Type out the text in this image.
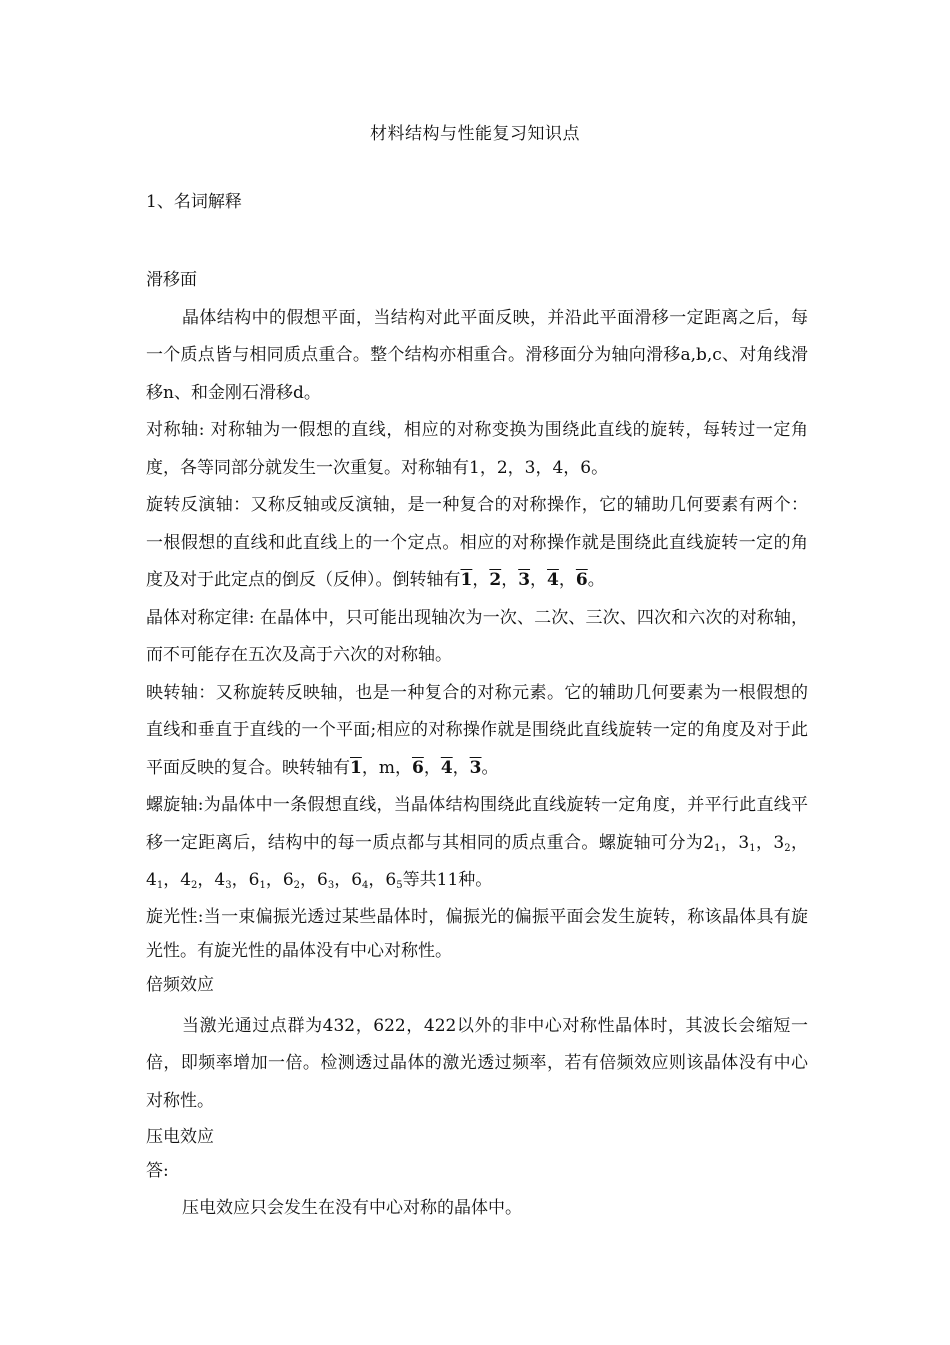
材料结构与性能复习知识点
1、名词解释

滑移面

晶体结构中的假想平面，当结构对此平面反映，并沿此平面滑移一定距离之后，每一个质点皆与相同质点重合。整个结构亦相重合。滑移面分为轴向滑移a,b,c、对角线滑移n、和金刚石滑移d。

对称轴: 对称轴为一假想的直线，相应的对称变换为围绕此直线的旋转，每转过一定角度，各等同部分就发生一次重复。对称轴有1，2，3，4，6。

旋转反演轴：又称反轴或反演轴，是一种复合的对称操作，它的辅助几何要素有两个：一根假想的直线和此直线上的一个定点。相应的对称操作就是围绕此直线旋转一定的角度及对于此定点的倒反（反伸）。倒转轴有1，2，3，4，6。

晶体对称定律: 在晶体中，只可能出现轴次为一次、二次、三次、四次和六次的对称轴，而不可能存在五次及高于六次的对称轴。

映转轴：又称旋转反映轴，也是一种复合的对称元素。它的辅助几何要素为一根假想的直线和垂直于直线的一个平面;相应的对称操作就是围绕此直线旋转一定的角度及对于此平面反映的复合。映转轴有1，m，6，4，3。

螺旋轴:为晶体中一条假想直线，当晶体结构围绕此直线旋转一定角度，并平行此直线平移一定距离后，结构中的每一质点都与其相同的质点重合。螺旋轴可分为$2_1$，$3_1$，$3_2$，$4_1$，$4_2$，$4_3$，$6_1$，$6_2$，$6_3$，$6_4$，$6_5$等共11种。

旋光性:当一束偏振光透过某些晶体时，偏振光的偏振平面会发生旋转，称该晶体具有旋光性。有旋光性的晶体没有中心对称性。

倍频效应

当激光通过点群为432，622，422以外的非中心对称性晶体时，其波长会缩短一倍，即频率增加一倍。检测透过晶体的激光透过频率，若有倍频效应则该晶体没有中心对称性。

压电效应

答:

压电效应只会发生在没有中心对称的晶体中。
